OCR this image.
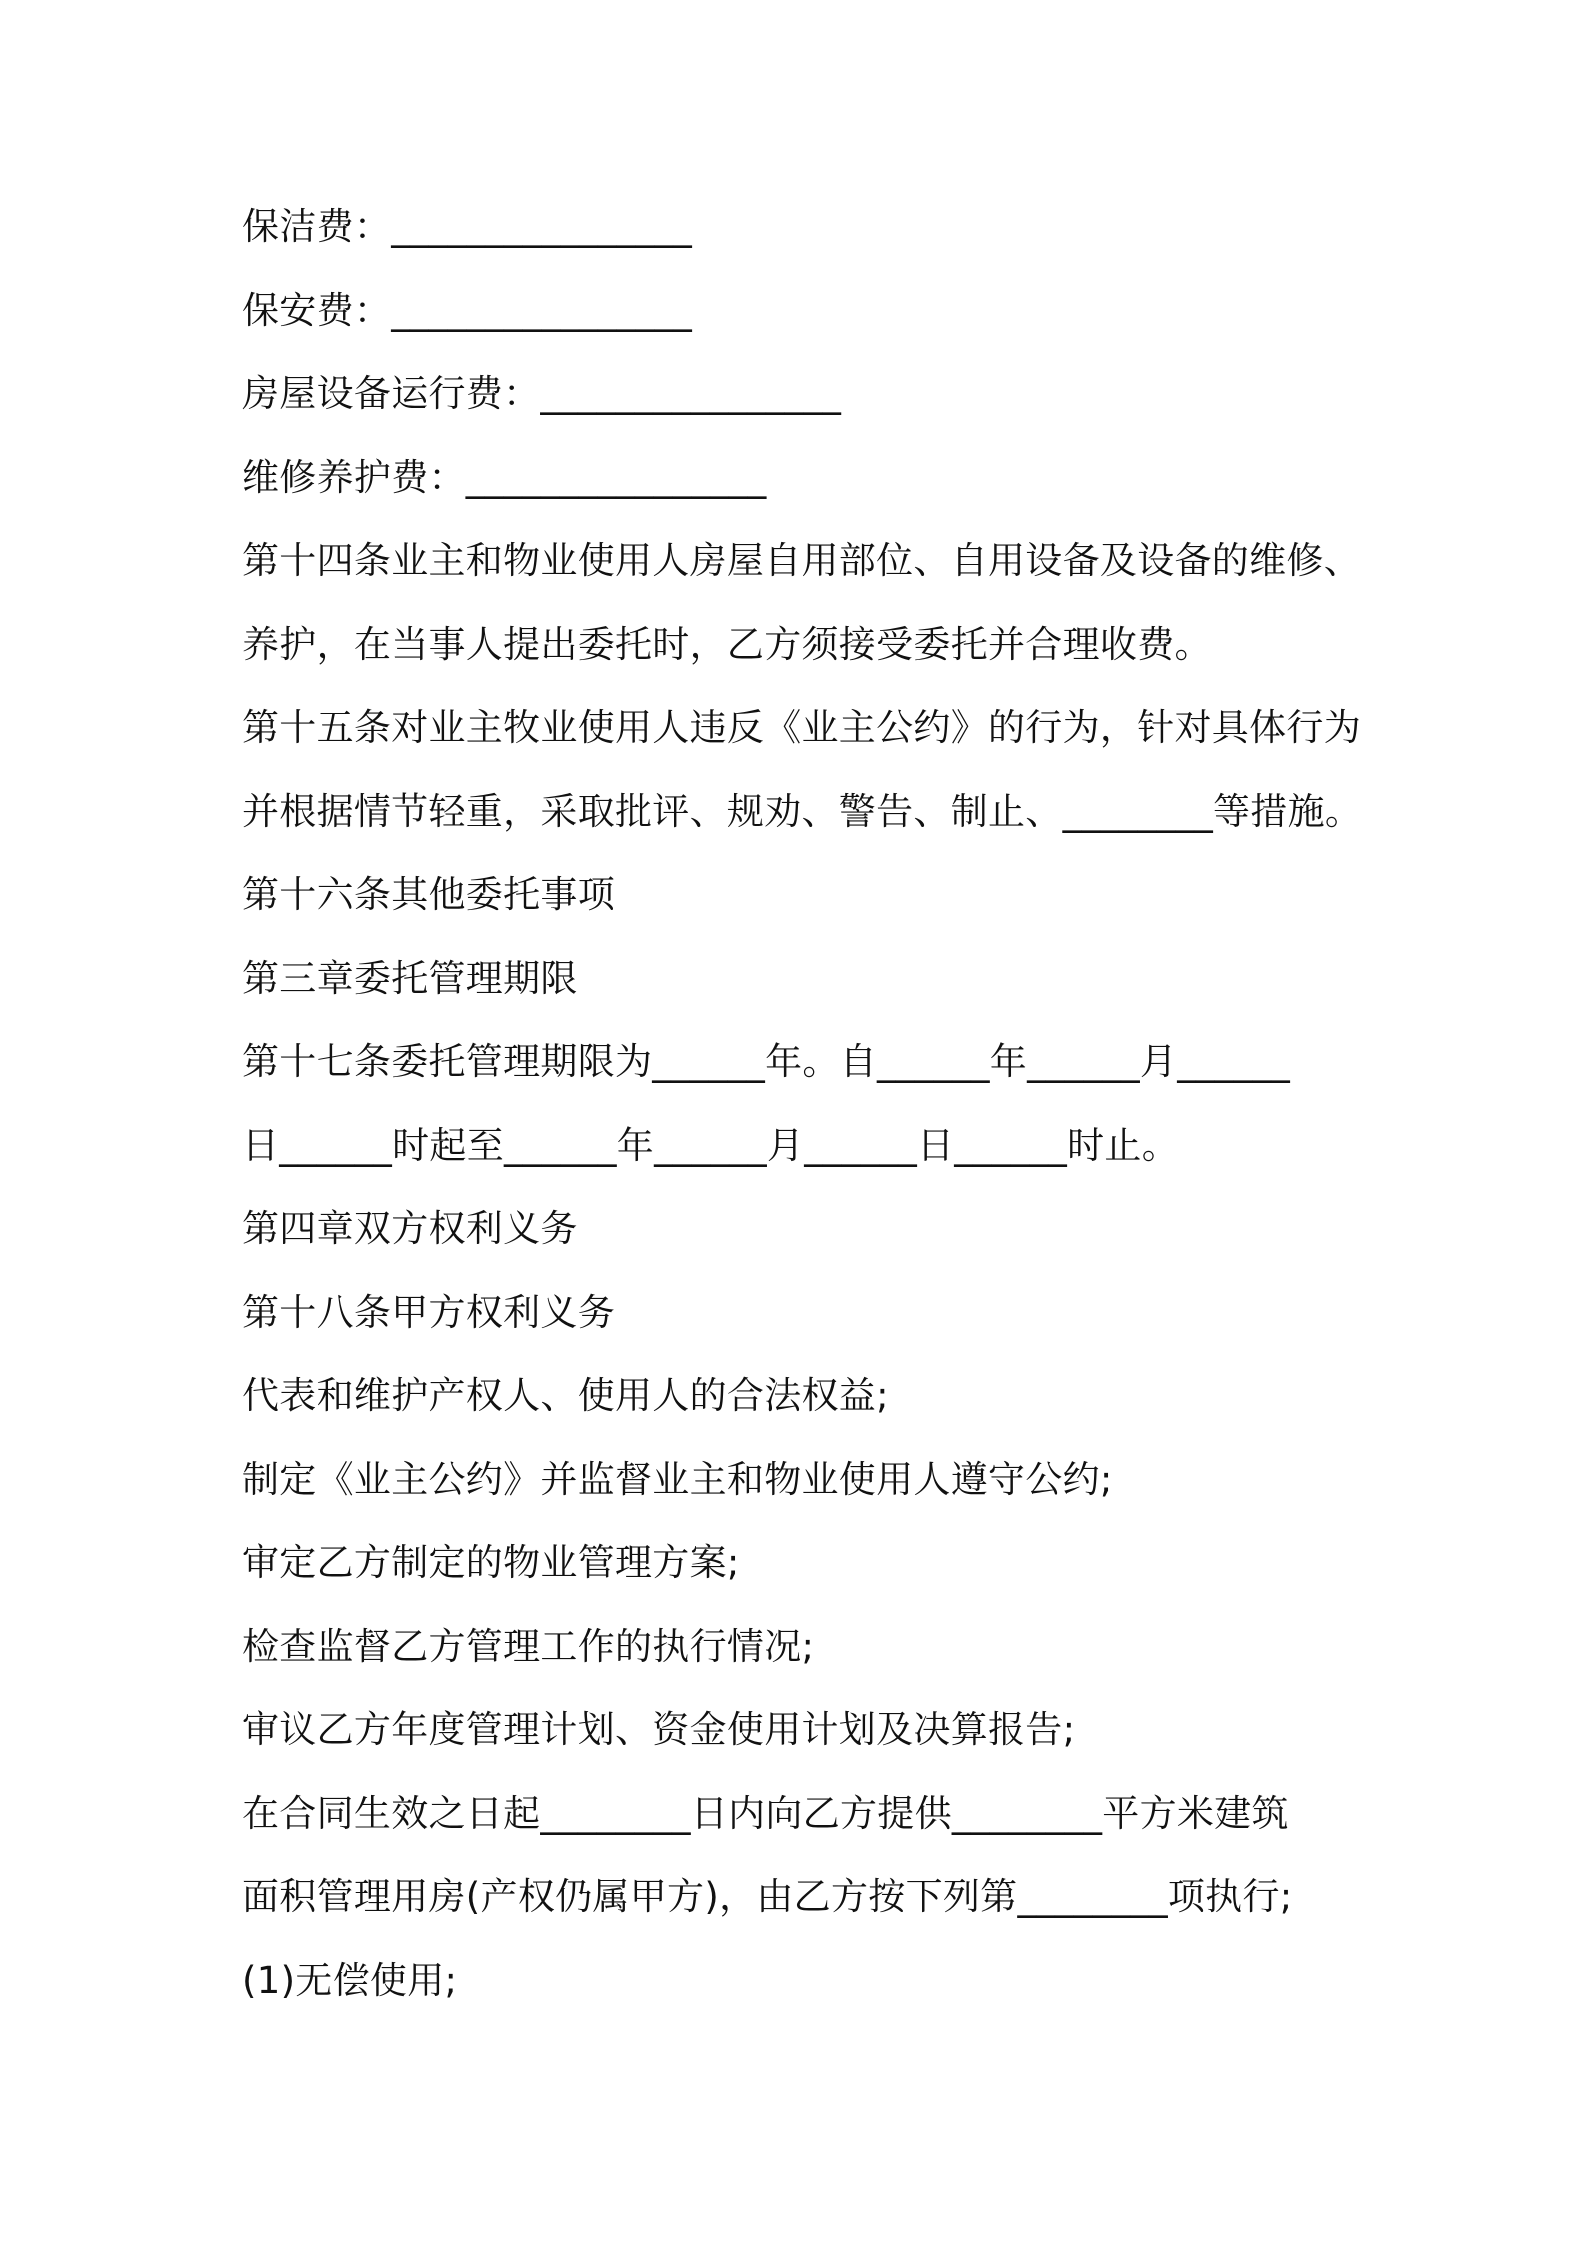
保洁费：________________
保安费：________________
房屋设备运行费：________________
维修养护费：________________
第十四条业主和物业使用人房屋自用部位、自用设备及设备的维修、
养护，在当事人提出委托时，乙方须接受委托并合理收费。
第十五条对业主牧业使用人违反《业主公约》的行为，针对具体行为
并根据情节轻重，采取批评、规劝、警告、制止、________等措施。
第十六条其他委托事项
第三章委托管理期限
第十七条委托管理期限为______年。自______年______月______
日______时起至______年______月______日______时止。
第四章双方权利义务
第十八条甲方权利义务
代表和维护产权人、使用人的合法权益;
制定《业主公约》并监督业主和物业使用人遵守公约;
审定乙方制定的物业管理方案;
检查监督乙方管理工作的执行情况;
审议乙方年度管理计划、资金使用计划及决算报告;
在合同生效之日起________日内向乙方提供________平方米建筑
面积管理用房(产权仍属甲方)，由乙方按下列第________项执行;
(1)无偿使用;
